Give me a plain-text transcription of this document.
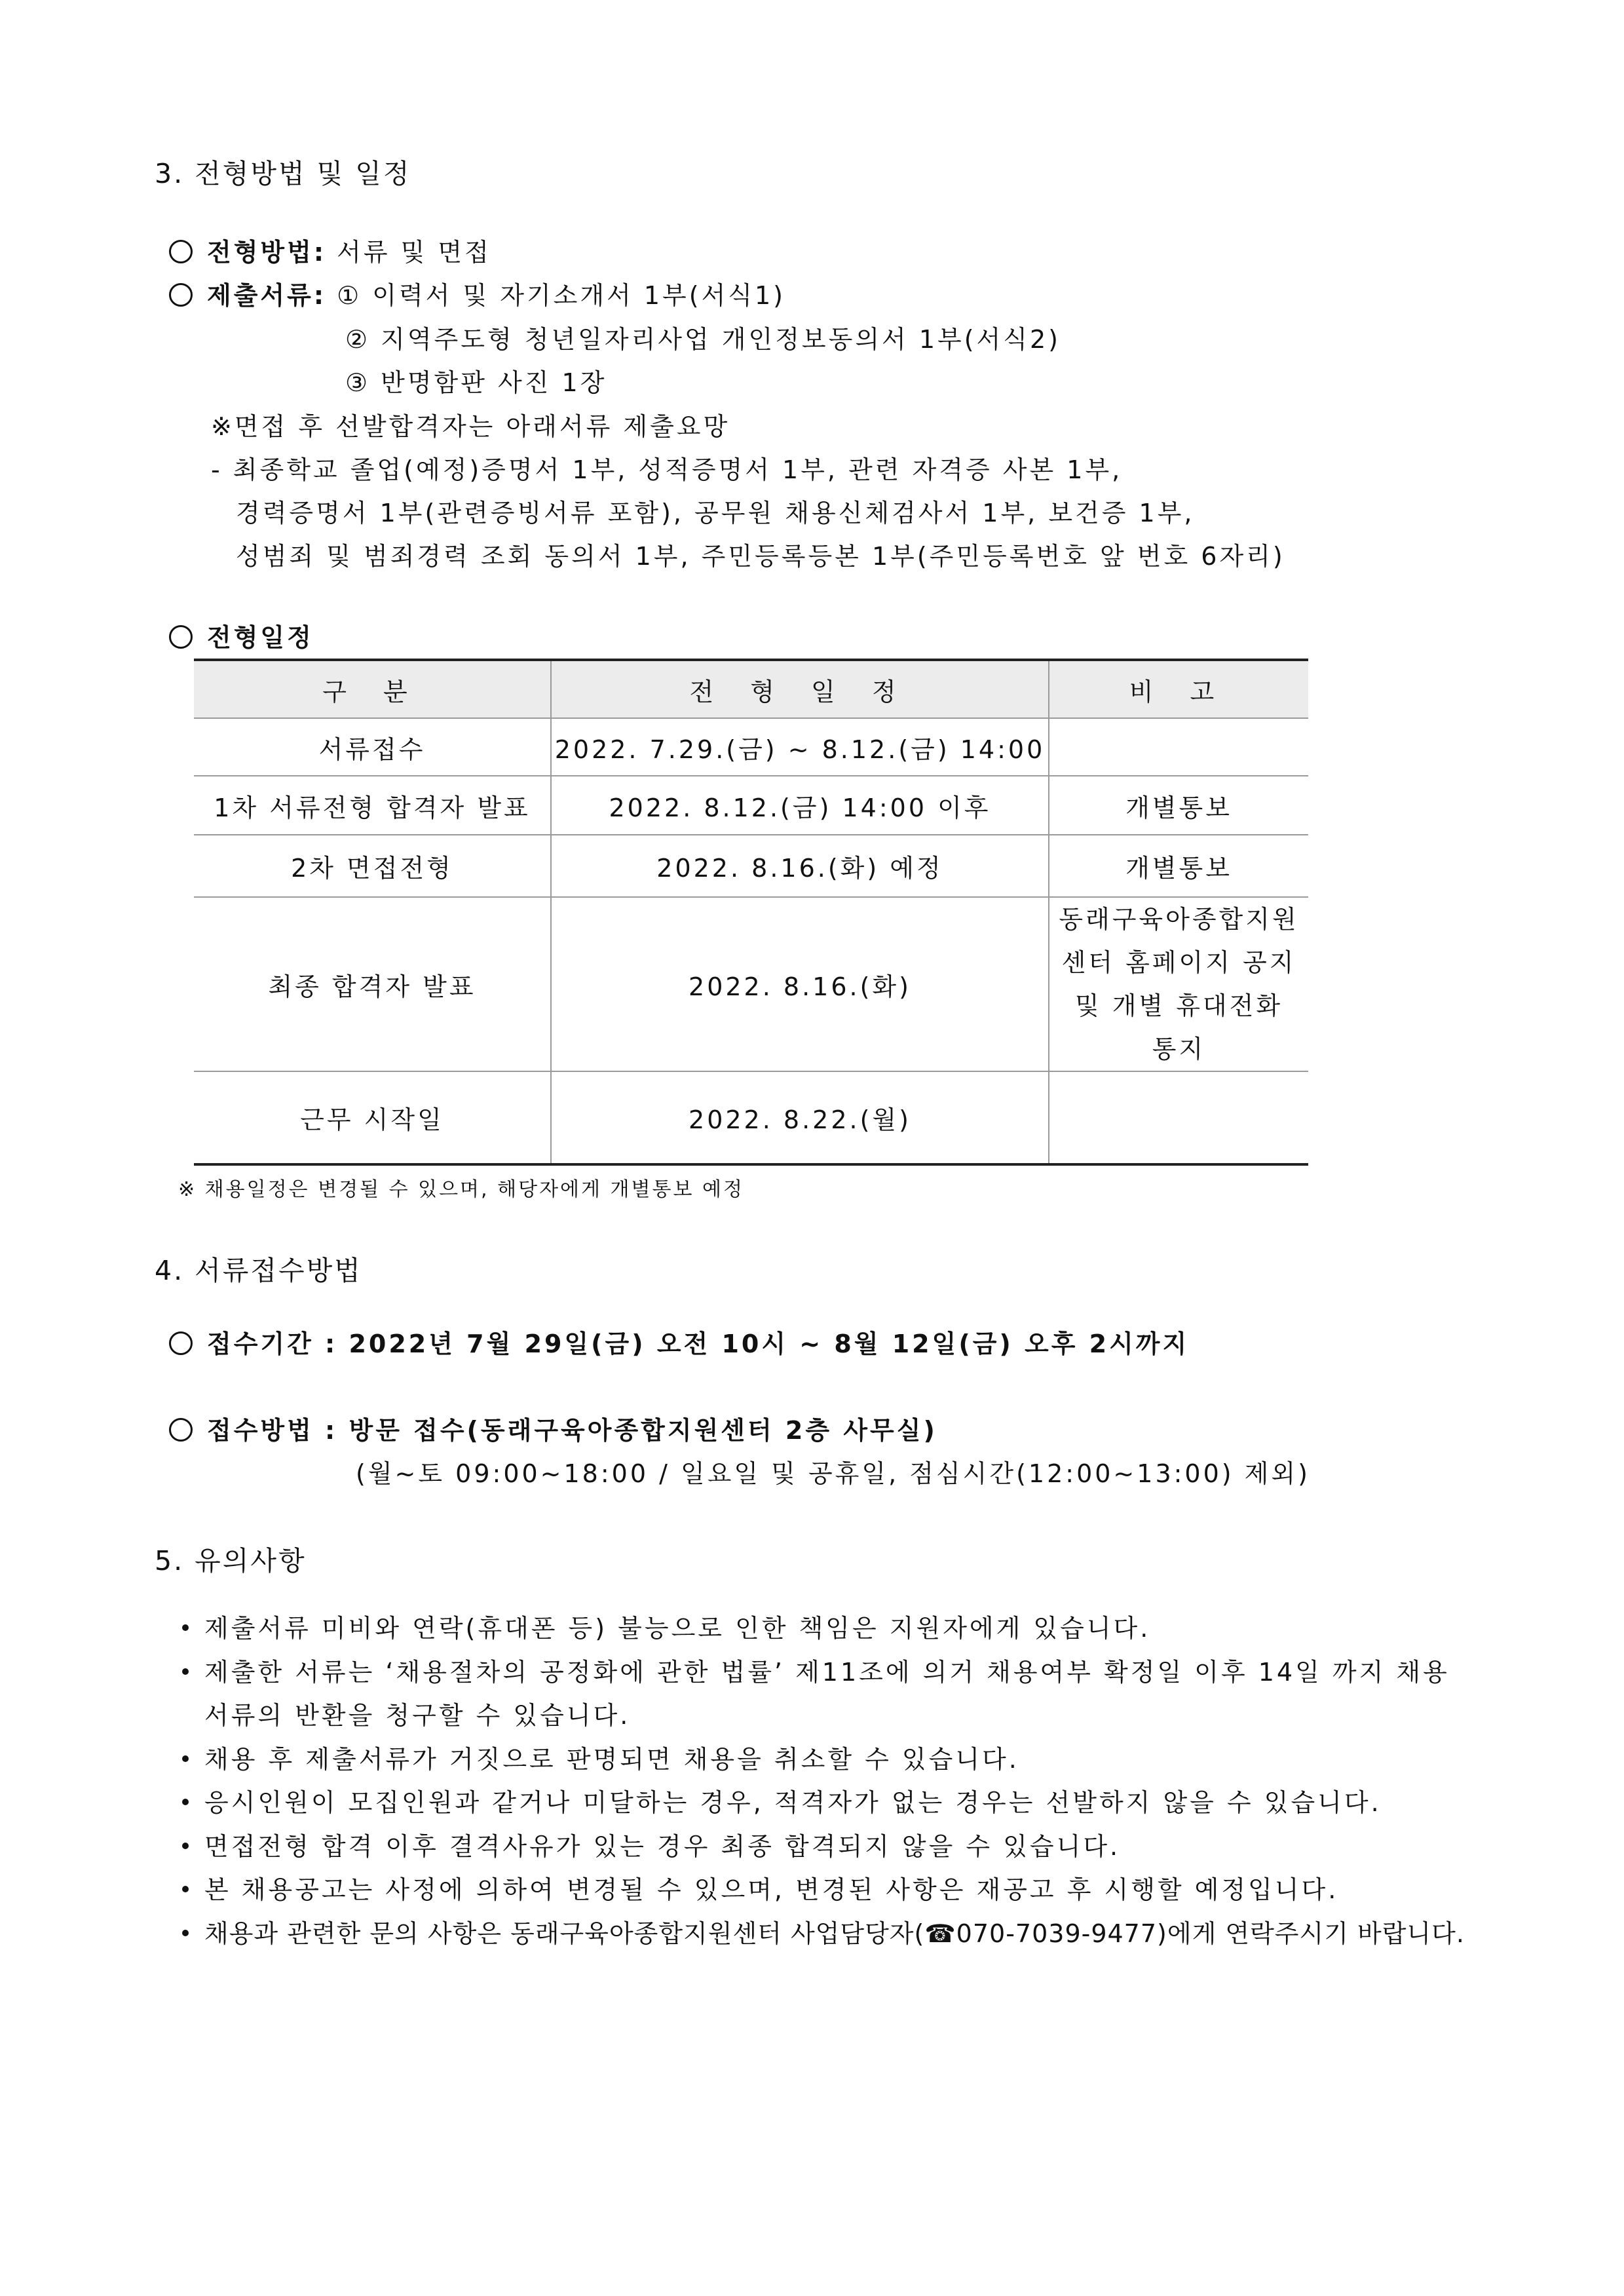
3. 전형방법 및 일정
전형방법: 서류 및 면접
제출서류: ① 이력서 및 자기소개서 1부(서식1)
② 지역주도형 청년일자리사업 개인정보동의서 1부(서식2)
③ 반명함판 사진 1장
※면접 후 선발합격자는 아래서류 제출요망
- 최종학교 졸업(예정)증명서 1부, 성적증명서 1부, 관련 자격증 사본 1부,
경력증명서 1부(관련증빙서류 포함), 공무원 채용신체검사서 1부, 보건증 1부,
성범죄 및 범죄경력 조회 동의서 1부, 주민등록등본 1부(주민등록번호 앞 번호 6자리)
전형일정
구 분	전 형 일 정	비 고
서류접수	2022. 7.29.(금) ~ 8.12.(금) 14:00	
1차 서류전형 합격자 발표	2022. 8.12.(금) 14:00 이후	개별통보
2차 면접전형	2022. 8.16.(화) 예정	개별통보
최종 합격자 발표	2022. 8.16.(화)	동래구육아종합지원
센터 홈페이지 공지
및 개별 휴대전화
통지

근무 시작일	2022. 8.22.(월)	
※ 채용일정은 변경될 수 있으며, 해당자에게 개별통보 예정
4. 서류접수방법
접수기간 : 2022년 7월 29일(금) 오전 10시 ~ 8월 12일(금) 오후 2시까지
접수방법 : 방문 접수(동래구육아종합지원센터 2층 사무실)
(월~토 09:00~18:00 / 일요일 및 공휴일, 점심시간(12:00~13:00) 제외)
5. 유의사항
제출서류 미비와 연락(휴대폰 등) 불능으로 인한 책임은 지원자에게 있습니다.
제출한 서류는 ‘채용절차의 공정화에 관한 법률’ 제11조에 의거 채용여부 확정일 이후 14일 까지 채용
서류의 반환을 청구할 수 있습니다.
채용 후 제출서류가 거짓으로 판명되면 채용을 취소할 수 있습니다.
응시인원이 모집인원과 같거나 미달하는 경우, 적격자가 없는 경우는 선발하지 않을 수 있습니다.
면접전형 합격 이후 결격사유가 있는 경우 최종 합격되지 않을 수 있습니다.
본 채용공고는 사정에 의하여 변경될 수 있으며, 변경된 사항은 재공고 후 시행할 예정입니다.
채용과 관련한 문의 사항은 동래구육아종합지원센터 사업담당자(☎070-7039-9477)에게 연락주시기 바랍니다.
